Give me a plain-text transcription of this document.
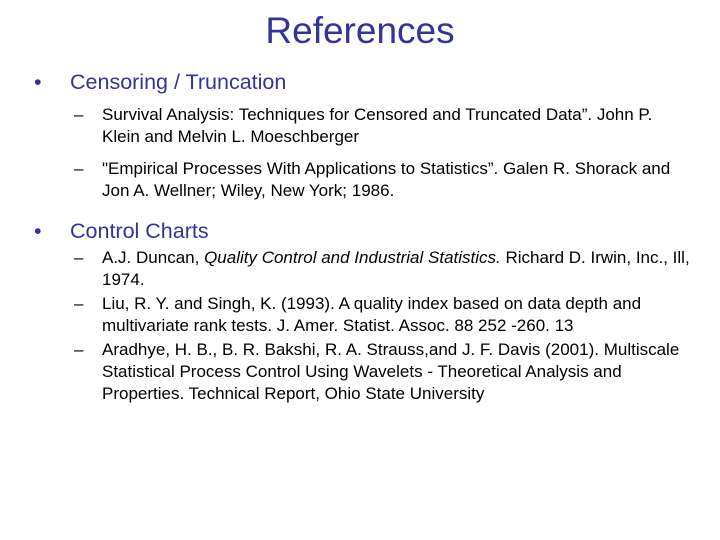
References
• Censoring / Truncation
– Survival Analysis: Techniques for Censored and Truncated Data”. John P. Klein and Melvin L. Moeschberger
– "Empirical Processes With Applications to Statistics”. Galen R. Shorack and Jon A. Wellner; Wiley, New York; 1986.
• Control Charts
– A.J. Duncan, Quality Control and Industrial Statistics. Richard D. Irwin, Inc., Ill, 1974.
– Liu, R. Y. and Singh, K. (1993). A quality index based on data depth and multivariate rank tests. J. Amer. Statist. Assoc. 88 252 -260. 13
– Aradhye, H. B., B. R. Bakshi, R. A. Strauss,and J. F. Davis (2001). Multiscale Statistical Process Control Using Wavelets - Theoretical Analysis and Properties. Technical Report, Ohio State University
